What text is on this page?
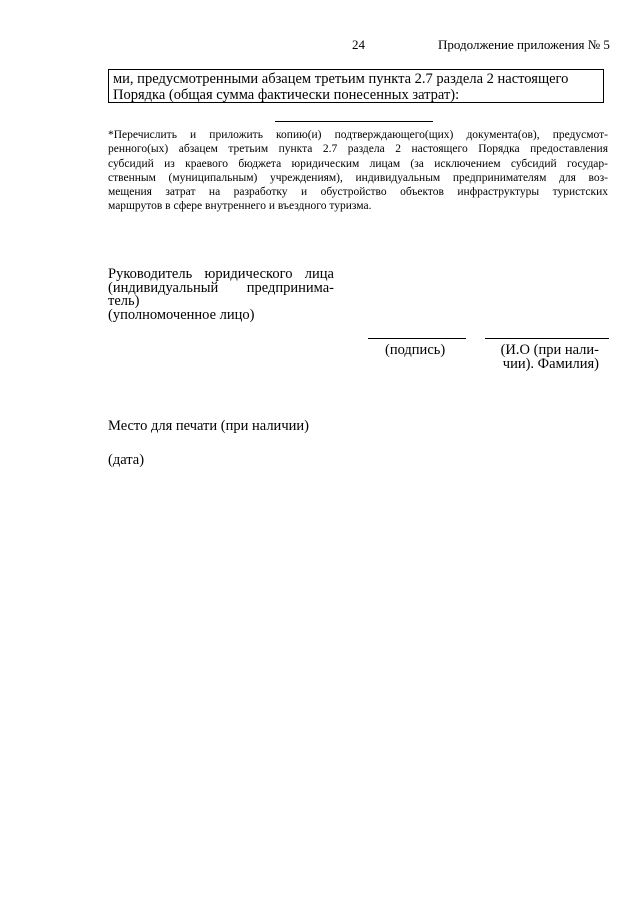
24	Продолжение приложения № 5
ми, предусмотренными абзацем третьим пункта 2.7 раздела 2 настоящего
Порядка (общая сумма фактически понесенных затрат):
*Перечислить и приложить копию(и) подтверждающего(щих) документа(ов), предусмот-
ренного(ых) абзацем третьим пункта 2.7 раздела 2 настоящего Порядка предоставления
субсидий из краевого бюджета юридическим лицам (за исключением субсидий государ-
ственным (муниципальным) учреждениям), индивидуальным предпринимателям для воз-
мещения затрат на разработку и обустройство объектов инфраструктуры туристских
маршрутов в сфере внутреннего и въездного туризма.
Руководитель юридического лица
(индивидуальный предпринима-
тель)
(уполномоченное лицо)
(подпись)	(И.О (при нали-
чии). Фамилия)
Место для печати (при наличии)
(дата)
